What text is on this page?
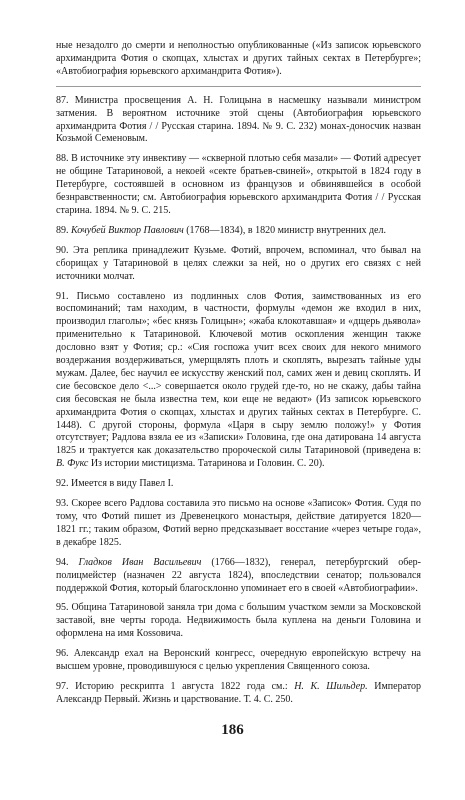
ные незадолго до смерти и неполностью опубликованные («Из записок юрьевского архимандрита Фотия о скопцах, хлыстах и других тайных сектах в Петербурге»; «Автобиография юрьевского архимандрита Фотия»).

87. Министра просвещения А. Н. Голицына в насмешку называли министром затмения. В вероятном источнике этой сцены (Автобиография юрьевского архимандрита Фотия / / Русская старина. 1894. № 9. С. 232) монах-доносчик назван Козьмой Семеновым.

88. В источнике эту инвективу — «скверной плотью себя мазали» — Фотий адресует не общине Татариновой, а некоей «секте братьев-свиней», открытой в 1824 году в Петербурге, состоявшей в основном из французов и обвинявшейся в особой безнравственности; см. Автобиография юрьевского архимандрита Фотия / / Русская старина. 1894. № 9. С. 215.

89. Кочубей Виктор Павлович (1768—1834), в 1820 министр внутренних дел.

90. Эта реплика принадлежит Кузьме. Фотий, впрочем, вспоминал, что бывал на сборищах у Татариновой в целях слежки за ней, но о других его связях с ней источники молчат.

91. Письмо составлено из подлинных слов Фотия, заимствованных из его воспоминаний; там находим, в частности, формулы «демон же входил в них, производил глаголы»; «бес князь Голицын»; «жаба клокотавшая» и «дщерь дьявола» применительно к Татариновой. Ключевой мотив оскопления женщин также дословно взят у Фотия; ср.: «Сия госпожа учит всех своих для некого мнимого воздержания воздерживаться, умерщвлять плоть и скоплять, вырезать тайные уды мужам. Далее, бес научил ее искусству женский пол, самих жен и девиц скоплять. И сие бесовское дело <...> совершается около грудей где-то, но не скажу, дабы тайна сия бесовская не была известна тем, кои еще не ведают» (Из записок юрьевского архимандрита Фотия о скопцах, хлыстах и других тайных сектах в Петербурге. С. 1448). С другой стороны, формула «Царя в сыру землю положу!» у Фотия отсутствует; Радлова взяла ее из «Записки» Головина, где она датирована 14 августа 1825 и трактуется как доказательство пророческой силы Татариновой (приведена в: В. Фукс Из истории мистицизма. Татаринова и Головин. С. 20).

92. Имеется в виду Павел I.

93. Скорее всего Радлова составила это письмо на основе «Записок» Фотия. Судя по тому, что Фотий пишет из Древенецкого монастыря, действие датируется 1820—1821 гг.; таким образом, Фотий верно предсказывает восстание «через четыре года», в декабре 1825.

94. Гладков Иван Васильевич (1766—1832), генерал, петербургский обер-полицмейстер (назначен 22 августа 1824), впоследствии сенатор; пользовался поддержкой Фотия, который благосклонно упоминает его в своей «Автобиографии».

95. Община Татариновой заняла три дома с большим участком земли за Московской заставой, вне черты города. Недвижимость была куплена на деньги Головина и оформлена на имя Кossoвича.

96. Александр ехал на Веронский конгресс, очередную европейскую встречу на высшем уровне, проводившуюся с целью укрепления Священного союза.

97. Историю рескрипта 1 августа 1822 года см.: Н. К. Шильдер. Император Александр Первый. Жизнь и царствование. Т. 4. С. 250.

186
